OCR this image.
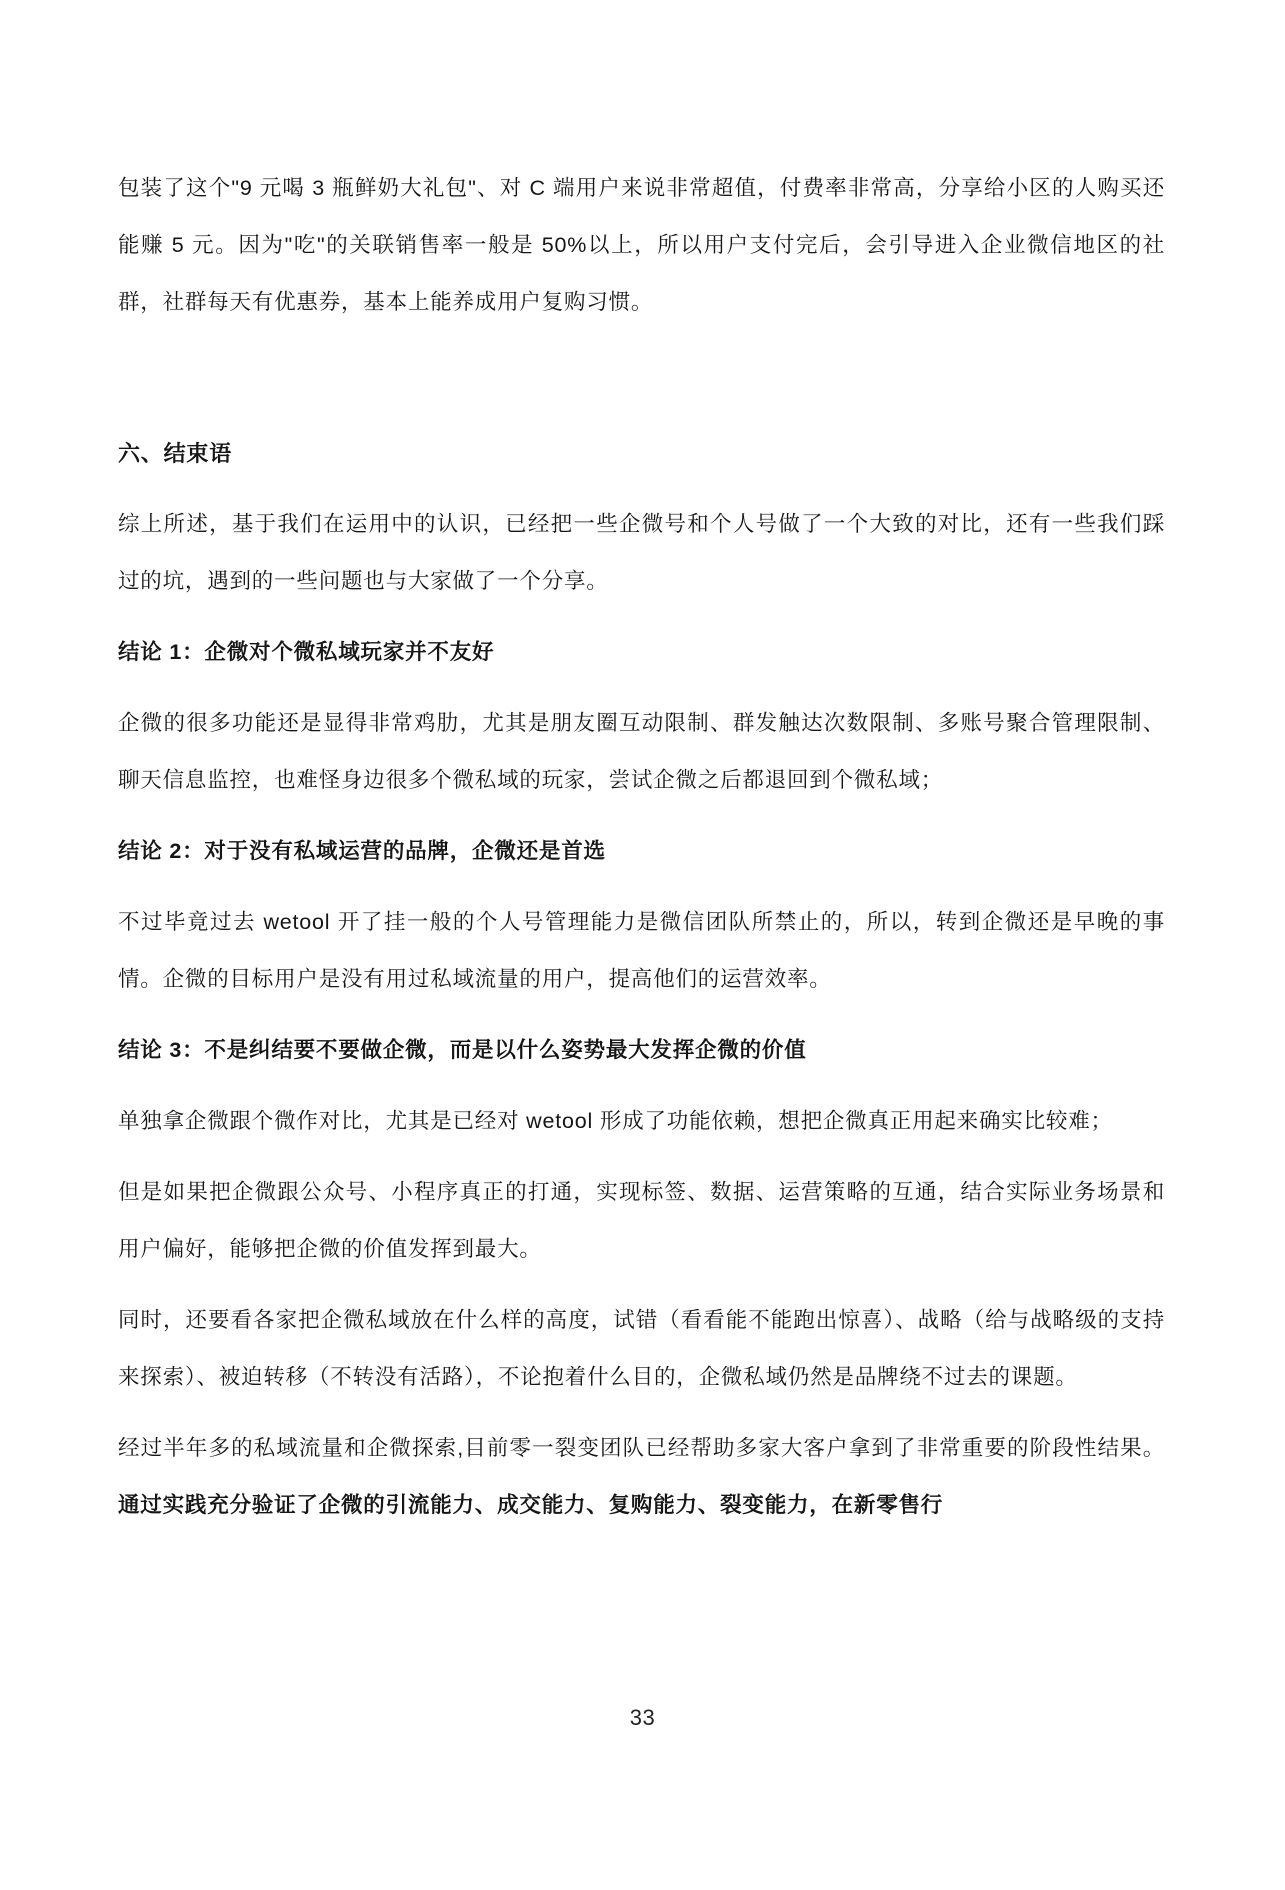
包装了这个"9 元喝 3 瓶鲜奶大礼包"、对 C 端用户来说非常超值，付费率非常高，分享给小区的人购买还能赚 5 元。因为"吃"的关联销售率一般是 50%以上，所以用户支付完后，会引导进入企业微信地区的社群，社群每天有优惠券，基本上能养成用户复购习惯。

六、结束语

综上所述，基于我们在运用中的认识，已经把一些企微号和个人号做了一个大致的对比，还有一些我们踩过的坑，遇到的一些问题也与大家做了一个分享。

结论 1：企微对个微私域玩家并不友好

企微的很多功能还是显得非常鸡肋，尤其是朋友圈互动限制、群发触达次数限制、多账号聚合管理限制、聊天信息监控，也难怪身边很多个微私域的玩家，尝试企微之后都退回到个微私域；

结论 2：对于没有私域运营的品牌，企微还是首选

不过毕竟过去 wetool 开了挂一般的个人号管理能力是微信团队所禁止的，所以，转到企微还是早晚的事情。企微的目标用户是没有用过私域流量的用户，提高他们的运营效率。

结论 3：不是纠结要不要做企微，而是以什么姿势最大发挥企微的价值

单独拿企微跟个微作对比，尤其是已经对 wetool 形成了功能依赖，想把企微真正用起来确实比较难；

但是如果把企微跟公众号、小程序真正的打通，实现标签、数据、运营策略的互通，结合实际业务场景和用户偏好，能够把企微的价值发挥到最大。

同时，还要看各家把企微私域放在什么样的高度，试错（看看能不能跑出惊喜）、战略（给与战略级的支持来探索）、被迫转移（不转没有活路），不论抱着什么目的，企微私域仍然是品牌绕不过去的课题。

经过半年多的私域流量和企微探索,目前零一裂变团队已经帮助多家大客户拿到了非常重要的阶段性结果。通过实践充分验证了企微的引流能力、成交能力、复购能力、裂变能力，在新零售行

33
